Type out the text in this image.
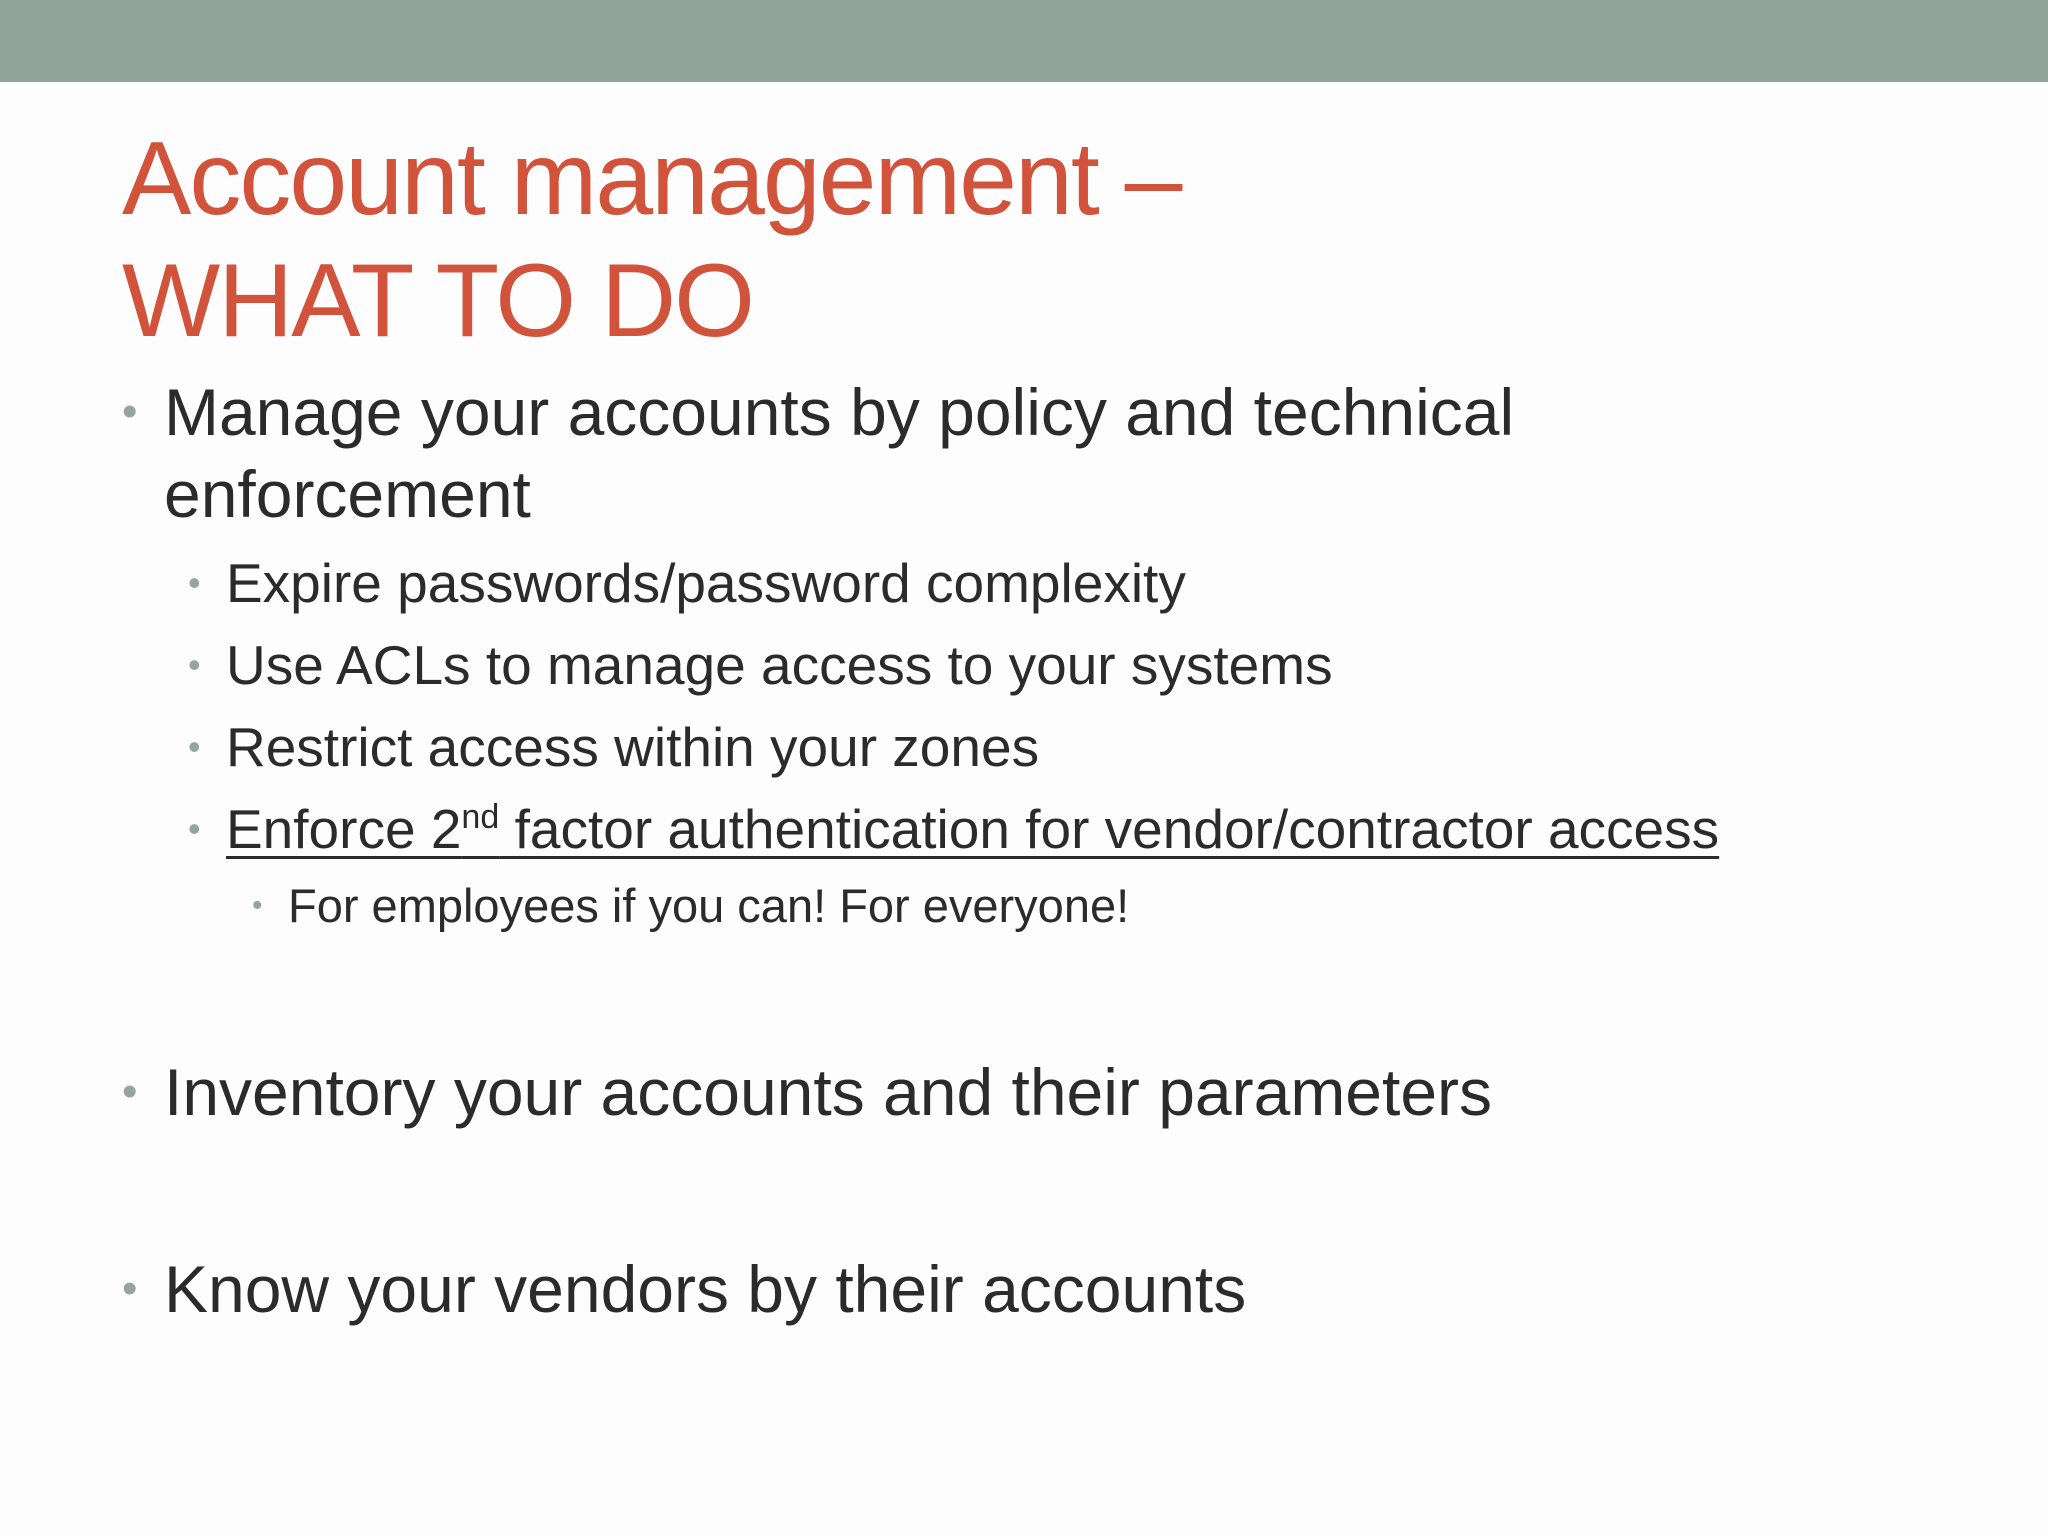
Account management –
WHAT TO DO
• Manage your accounts by policy and technical
enforcement
• Expire passwords/password complexity
• Use ACLs to manage access to your systems
• Restrict access within your zones
• Enforce 2nd factor authentication for vendor/contractor access
• For employees if you can! For everyone!
• Inventory your accounts and their parameters
• Know your vendors by their accounts
